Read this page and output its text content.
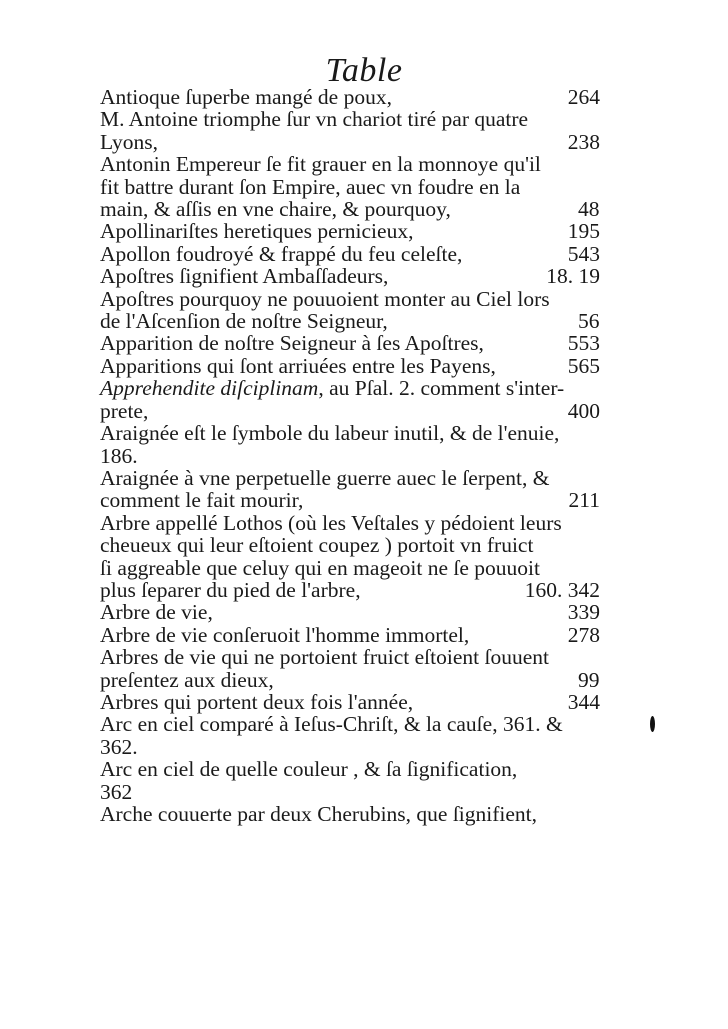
Table
Antioque ſuperbe mangé de poux,	264
M. Antoine triomphe ſur vn chariot tiré par quatre
Lyons,	238
Antonin Empereur ſe fit grauer en la monnoye qu'il
fit battre durant ſon Empire, auec vn foudre en la
main, & aſſis en vne chaire, & pourquoy,	48
Apollinariſtes heretiques pernicieux,	195
Apollon foudroyé & frappé du feu celeſte,	543
Apoſtres ſignifient Ambaſſadeurs,	18. 19
Apoſtres pourquoy ne pouuoient monter au Ciel lors
de l'Aſcenſion de noſtre Seigneur,	56
Apparition de noſtre Seigneur à ſes Apoſtres,	553
Apparitions qui ſont arriuées entre les Payens,	565
Apprehendite diſciplinam, au Pſal. 2. comment s'inter-
prete,	400
Araignée eſt le ſymbole du labeur inutil, & de l'enuie,
186.
Araignée à vne perpetuelle guerre auec le ſerpent, &
comment le fait mourir,	211
Arbre appellé Lothos (où les Veſtales y pédoient leurs
cheueux qui leur eſtoient coupez ) portoit vn fruict
ſi aggreable que celuy qui en mageoit ne ſe pouuoit
plus ſeparer du pied de l'arbre,	160. 342
Arbre de vie,	339
Arbre de vie conſeruoit l'homme immortel,	278
Arbres de vie qui ne portoient fruict eſtoient ſouuent
preſentez aux dieux,	99
Arbres qui portent deux fois l'année,	344
Arc en ciel comparé à Ieſus-Chriſt, & la cauſe, 361. &
362.
Arc en ciel de quelle couleur , & ſa ſignification,
362
Arche couuerte par deux Cherubins, que ſignifient,
